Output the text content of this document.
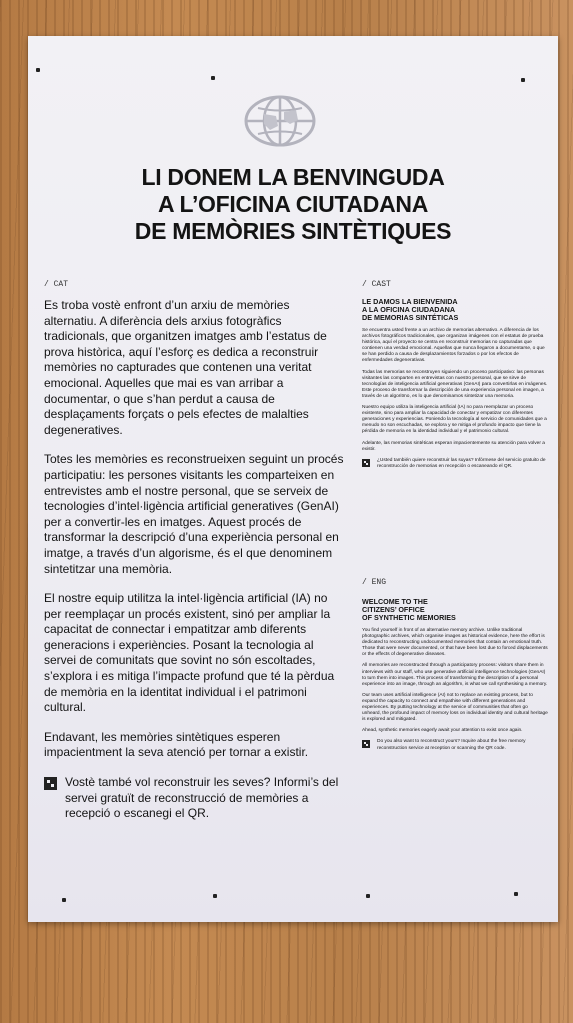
LI DONEM LA BENVINGUDA
A L’OFICINA CIUTADANA
DE MEMÒRIES SINTÈTIQUES
/ CAT

Es troba vostè enfront d’un arxiu de memòries alternatiu. A diferència dels arxius fotogràfics tradicionals, que organitzen imatges amb l’estatus de prova històrica, aquí l’esforç es dedica a reconstruir memòries no capturades que contenen una veritat emocional. Aquelles que mai es van arribar a documentar, o que s’han perdut a causa de desplaçaments forçats o pels efectes de malalties degeneratives.

Totes les memòries es reconstrueixen seguint un procés participatiu: les persones visitants les comparteixen en entrevistes amb el nostre personal, que se serveix de tecnologies d’intel·ligència artificial generatives (GenAI) per a convertir-les en imatges. Aquest procés de transformar la descripció d’una experiència personal en imatge, a través d’un algorisme, és el que denominem sintetitzar una memòria.

El nostre equip utilitza la intel·ligència artificial (IA) no per reemplaçar un procés existent, sinó per ampliar la capacitat de connectar i empatitzar amb diferents generacions i experiències. Posant la tecnologia al servei de comunitats que sovint no són escoltades, s’explora i es mitiga l’impacte profund que té la pèrdua de memòria en la identitat individual i el patrimoni cultural.

Endavant, les memòries sintètiques esperen impacientment la seva atenció per tornar a existir.

Vostè també vol reconstruir les seves? Informi’s del servei gratuït de reconstrucció de memòries a recepció o escanegi el QR.
/ CAST
LE DAMOS LA BIENVENIDA
A LA OFICINA CIUDADANA
DE MEMORIAS SINTÉTICAS

Se encuentra usted frente a un archivo de memorias alternativo. A diferencia de los archivos fotográficos tradicionales, que organizan imágenes con el estatus de prueba histórica, aquí el proyecto se centra en reconstruir memorias no capturadas que contienen una verdad emocional. Aquellas que nunca llegaron a documentarse, o que se han perdido a causa de desplazamientos forzados o por los efectos de enfermedades degenerativas.

Todas las memorias se reconstruyen siguiendo un proceso participativo: las personas visitantes las comparten en entrevistas con nuestro personal, que se sirve de tecnologías de inteligencia artificial generativas (GenAI) para convertirlas en imágenes. Este proceso de transformar la descripción de una experiencia personal en imagen, a través de un algoritmo, es lo que denominamos sintetizar una memoria.

Nuestro equipo utiliza la inteligencia artificial (IA) no para reemplazar un proceso existente, sino para ampliar la capacidad de conectar y empatizar con diferentes generaciones y experiencias. Poniendo la tecnología al servicio de comunidades que a menudo no son escuchadas, se explora y se mitiga el profundo impacto que tiene la pérdida de memoria en la identidad individual y el patrimonio cultural.

Adelante, las memorias sintéticas esperan impacientemente su atención para volver a existir.

¿Usted también quiere reconstruir las suyas? Infórmese del servicio gratuito de reconstrucción de memorias en recepción o escaneando el QR.
/ ENG
WELCOME TO THE
CITIZENS’ OFFICE
OF SYNTHETIC MEMORIES

You find yourself in front of an alternative memory archive. Unlike traditional photographic archives, which organise images as historical evidence, here the effort is dedicated to reconstructing undocumented memories that contain an emotional truth. Those that were never documented, or that have been lost due to forced displacements or the effects of degenerative diseases.

All memories are reconstructed through a participatory process: visitors share them in interviews with our staff, who use generative artificial intelligence technologies (GenAI) to turn them into images. This process of transforming the description of a personal experience into an image, through an algorithm, is what we call synthesising a memory.

Our team uses artificial intelligence (AI) not to replace an existing process, but to expand the capacity to connect and empathise with different generations and experiences. By putting technology at the service of communities that often go unheard, the profound impact of memory loss on individual identity and cultural heritage is explored and mitigated.

Ahead, synthetic memories eagerly await your attention to exist once again.

Do you also want to reconstruct yours? Inquire about the free memory reconstruction service at reception or scanning the QR code.
